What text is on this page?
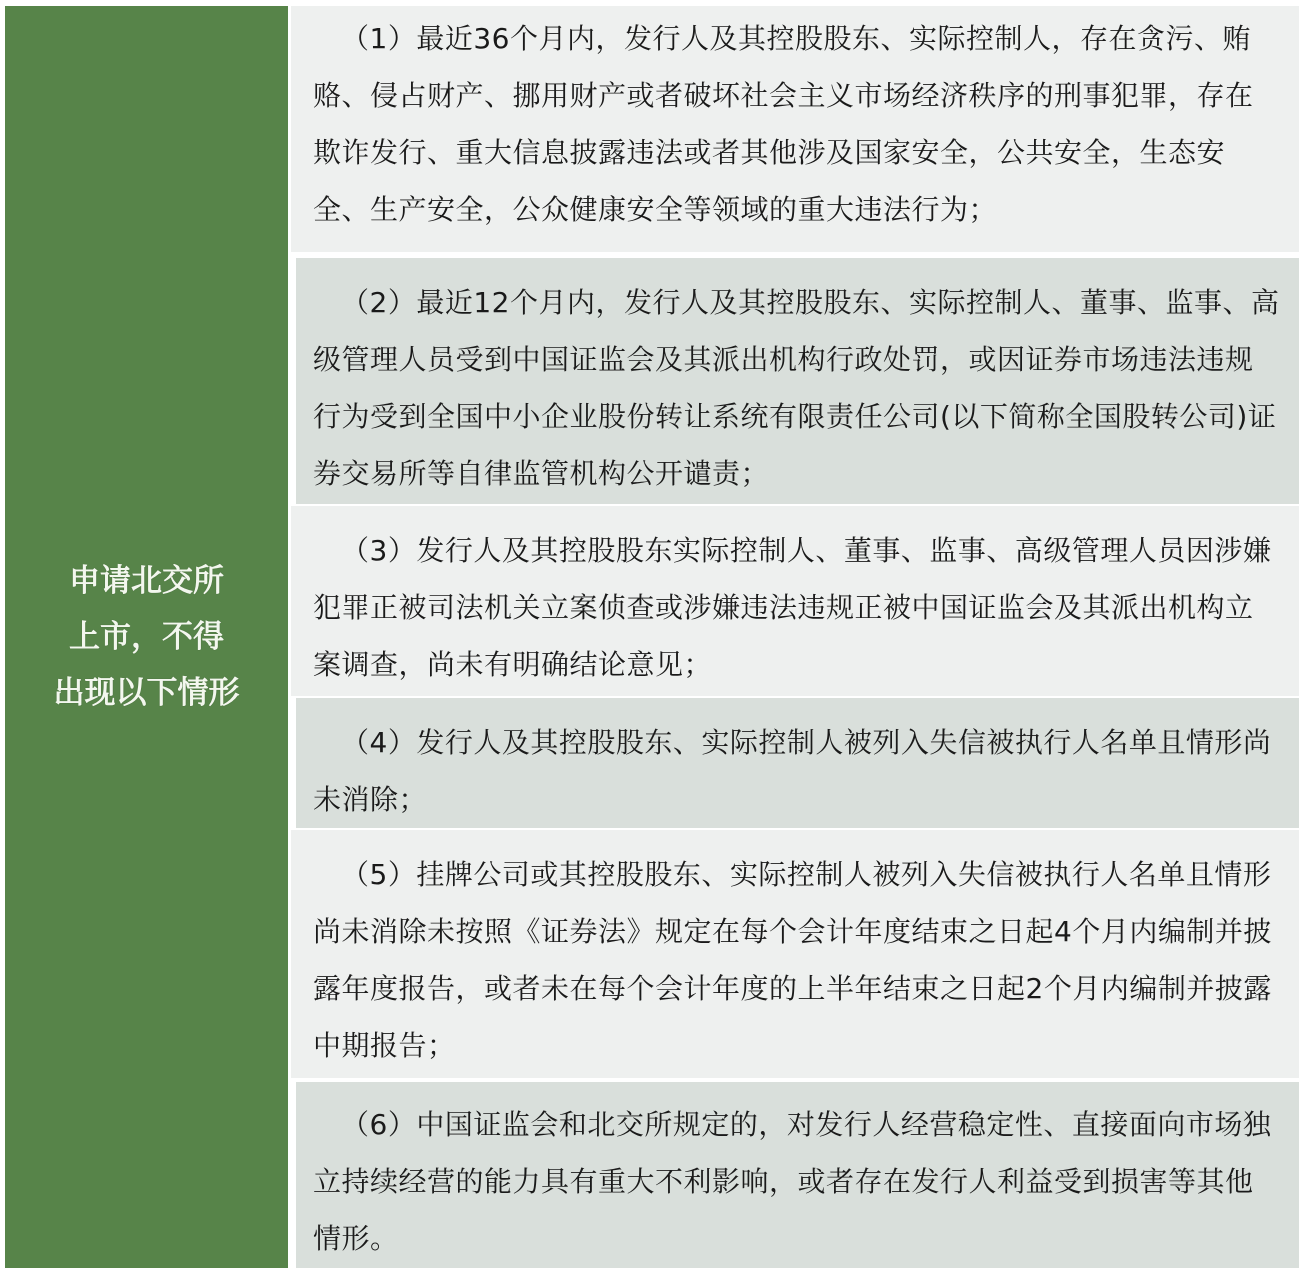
申请北交所
上市，不得
出现以下情形

（1）最近36个月内，发行人及其控股股东、实际控制人，存在贪污、贿赂、侵占财产、挪用财产或者破坏社会主义市场经济秩序的刑事犯罪，存在欺诈发行、重大信息披露违法或者其他涉及国家安全，公共安全，生态安全、生产安全，公众健康安全等领域的重大违法行为；

（2）最近12个月内，发行人及其控股股东、实际控制人、董事、监事、高级管理人员受到中国证监会及其派出机构行政处罚，或因证券市场违法违规行为受到全国中小企业股份转让系统有限责任公司(以下简称全国股转公司)证券交易所等自律监管机构公开谴责；

（3）发行人及其控股股东实际控制人、董事、监事、高级管理人员因涉嫌犯罪正被司法机关立案侦查或涉嫌违法违规正被中国证监会及其派出机构立案调查，尚未有明确结论意见；

（4）发行人及其控股股东、实际控制人被列入失信被执行人名单且情形尚未消除；

（5）挂牌公司或其控股股东、实际控制人被列入失信被执行人名单且情形尚未消除未按照《证券法》规定在每个会计年度结束之日起4个月内编制并披露年度报告，或者未在每个会计年度的上半年结束之日起2个月内编制并披露中期报告；

（6）中国证监会和北交所规定的，对发行人经营稳定性、直接面向市场独立持续经营的能力具有重大不利影响，或者存在发行人利益受到损害等其他情形。
